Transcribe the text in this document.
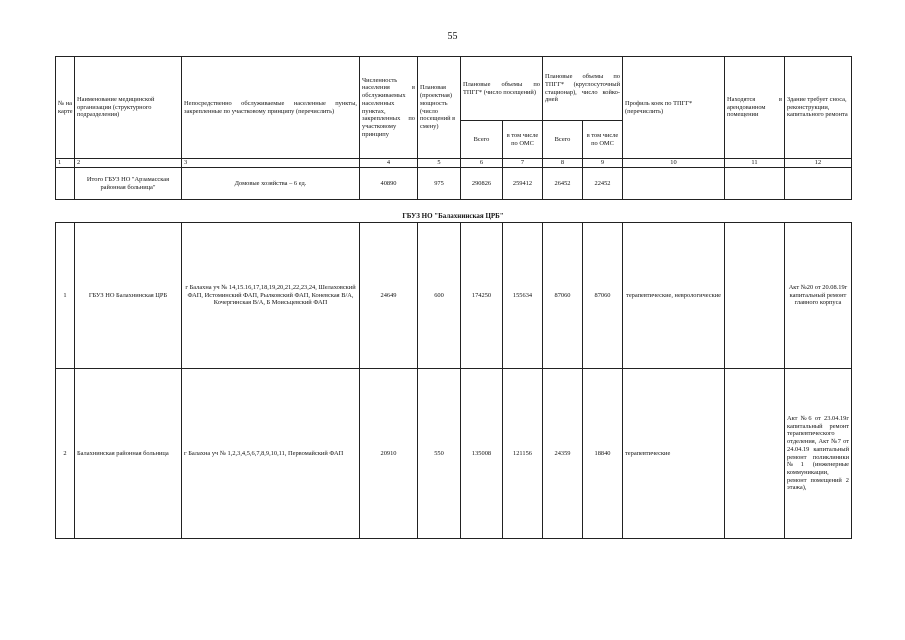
55
№ на карте	Наименование медицинской организации (структурного подразделения)	Непосредственно обслуживаемые населенные пункты, закрепленные по участковому принципу (перечислить)	Численность населения в обслуживаемых населенных пунктах, закрепленных по участковому принципу	Плановая (проектная) мощность (число посещений в смену)	Плановые объемы по ТПГГ* (число посещений)		Плановые объемы по ТПГГ* (круглосуточный стационар), число койко-дней		Профиль коек по ТПГГ* (перечислить)	Находятся в арендованном помещении	Здание требует сноса, реконструкции, капитального ремонта
					Всего	в том числе по ОМС	Всего	в том числе по ОМС			
1	2	3	4	5	6	7	8	9	10	11	12
	Итого ГБУЗ НО "Арзамасская районная больница"	Домовые хозяйства – 6 ед.	40890	975	290826	259412	26452	22452			
ГБУЗ НО "Балахнинская ЦРБ"
1	ГБУЗ НО Балахнинская ЦРБ	г Балахна уч № 14,15.16,17,18,19,20,21,22,23,24, Шелаховский ФАП, Истоминский ФАП, Рылковский ФАП, Коневская В/А, Кочергинская В/А, Б Моисьцевский ФАП	24649	600	174250	155634	87060	87060	терапевтические, неврологические		Акт №20 от 20.08.19г капитальный ремонт главного корпуса
2	Балахнинская районная больница	г Балахна уч № 1,2,3,4,5,6,7,8,9,10,11, Первомайский ФАП	20910	550	135008	121156	24359	18840	терапевтические		Акт №6 от 23.04.19г капитальный ремонт терапевтического отделения, Акт №7 от 24.04.19 капитальный ремонт поликлиники №1 (инженерные коммуникации, ремонт помещений 2 этажа),
